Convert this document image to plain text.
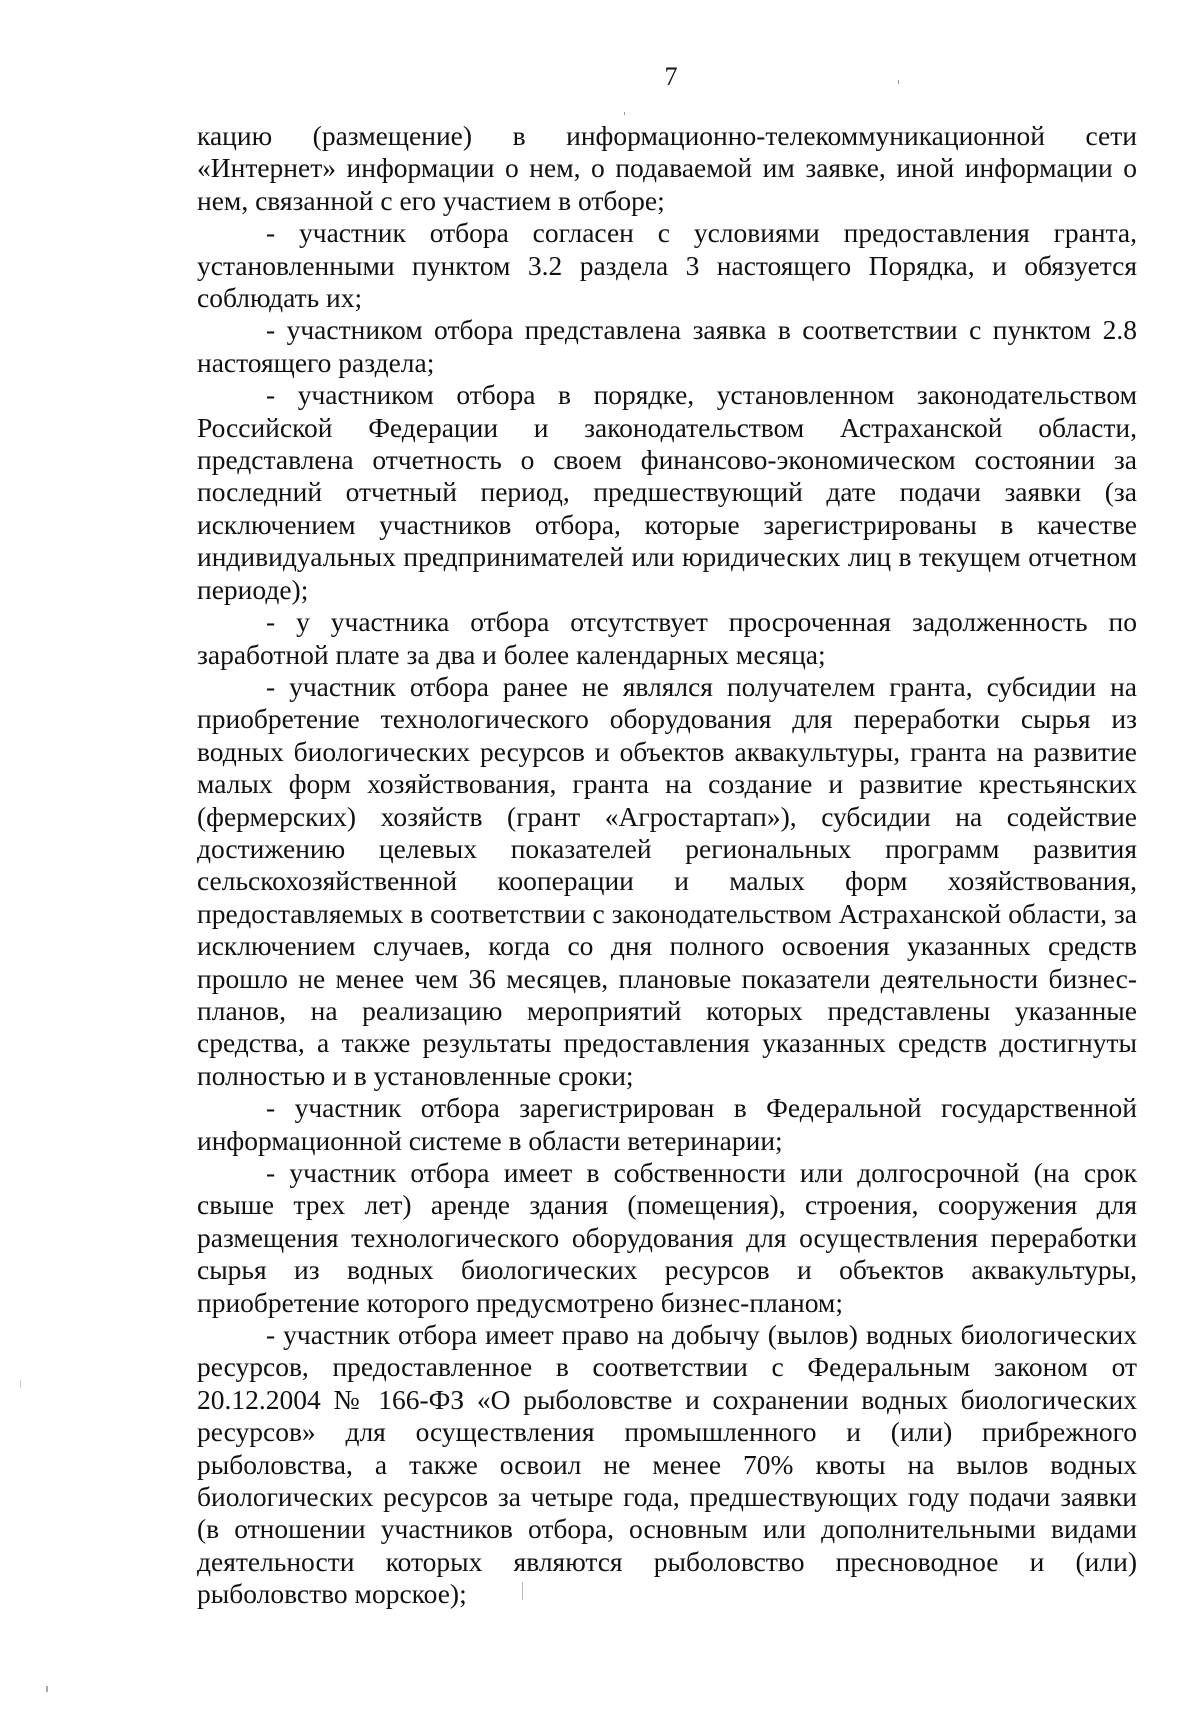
7

кацию (размещение) в информационно-телекоммуникационной сети «Интернет» информации о нем, о подаваемой им заявке, иной информации о нем, связанной с его участием в отборе;

- участник отбора согласен с условиями предоставления гранта, установленными пунктом 3.2 раздела 3 настоящего Порядка, и обязуется соблюдать их;

- участником отбора представлена заявка в соответствии с пунктом 2.8 настоящего раздела;

- участником отбора в порядке, установленном законодательством Российской Федерации и законодательством Астраханской области, представлена отчетность о своем финансово-экономическом состоянии за последний отчетный период, предшествующий дате подачи заявки (за исключением участников отбора, которые зарегистрированы в качестве индивидуальных предпринимателей или юридических лиц в текущем отчетном периоде);

- у участника отбора отсутствует просроченная задолженность по заработной плате за два и более календарных месяца;

- участник отбора ранее не являлся получателем гранта, субсидии на приобретение технологического оборудования для переработки сырья из водных биологических ресурсов и объектов аквакультуры, гранта на развитие малых форм хозяйствования, гранта на создание и развитие крестьянских (фермерских) хозяйств (грант «Агростартап»), субсидии на содействие достижению целевых показателей региональных программ развития сельскохозяйственной кооперации и малых форм хозяйствования, предоставляемых в соответствии с законодательством Астраханской области, за исключением случаев, когда со дня полного освоения указанных средств прошло не менее чем 36 месяцев, плановые показатели деятельности бизнес-планов, на реализацию мероприятий которых представлены указанные средства, а также результаты предоставления указанных средств достигнуты полностью и в установленные сроки;

- участник отбора зарегистрирован в Федеральной государственной информационной системе в области ветеринарии;

- участник отбора имеет в собственности или долгосрочной (на срок свыше трех лет) аренде здания (помещения), строения, сооружения для размещения технологического оборудования для осуществления переработки сырья из водных биологических ресурсов и объектов аквакультуры, приобретение которого предусмотрено бизнес-планом;

- участник отбора имеет право на добычу (вылов) водных биологических ресурсов, предоставленное в соответствии с Федеральным законом от 20.12.2004 № 166-ФЗ «О рыболовстве и сохранении водных биологических ресурсов» для осуществления промышленного и (или) прибрежного рыболовства, а также освоил не менее 70% квоты на вылов водных биологических ресурсов за четыре года, предшествующих году подачи заявки (в отношении участников отбора, основным или дополнительными видами деятельности которых являются рыболовство пресноводное и (или) рыболовство морское);
